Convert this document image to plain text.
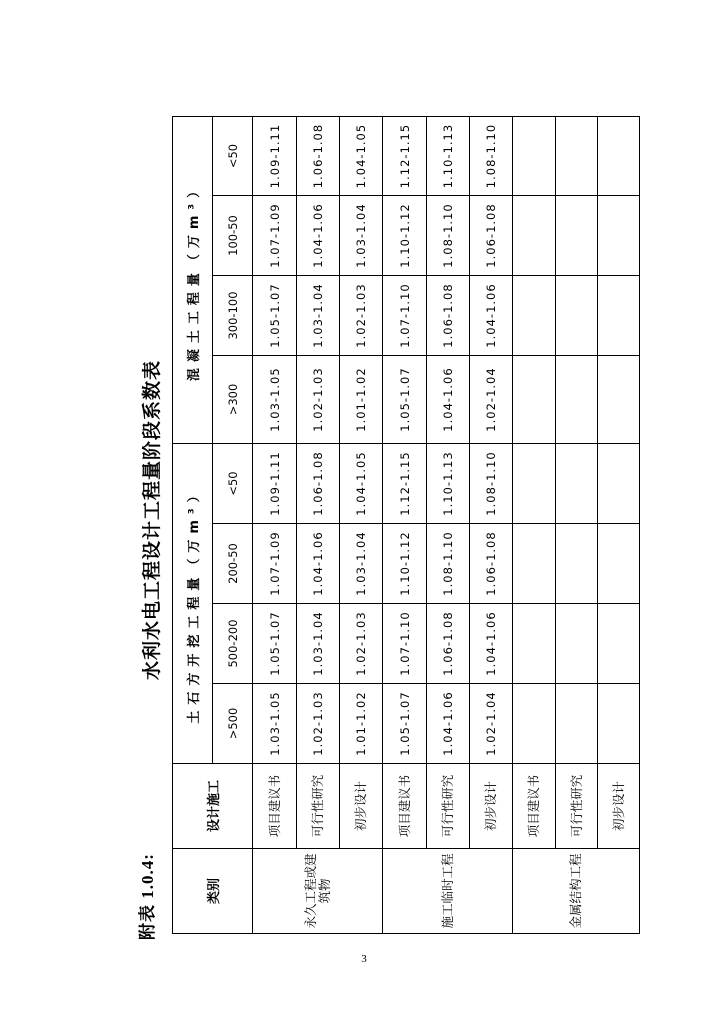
附表 1.0.4:
水利水电工程设计工程量阶段系数表
类别	设计施工	土石方开挖工程量（万m³）				混凝土工程量（万m³）			
		>500	500-200	200-50	<50	>300	300-100	100-50	<50
永久工程或建筑物	项目建议书	1.03-1.05	1.05-1.07	1.07-1.09	1.09-1.11	1.03-1.05	1.05-1.07	1.07-1.09	1.09-1.11
	可行性研究	1.02-1.03	1.03-1.04	1.04-1.06	1.06-1.08	1.02-1.03	1.03-1.04	1.04-1.06	1.06-1.08
	初步设计	1.01-1.02	1.02-1.03	1.03-1.04	1.04-1.05	1.01-1.02	1.02-1.03	1.03-1.04	1.04-1.05
施工临时工程	项目建议书	1.05-1.07	1.07-1.10	1.10-1.12	1.12-1.15	1.05-1.07	1.07-1.10	1.10-1.12	1.12-1.15
	可行性研究	1.04-1.06	1.06-1.08	1.08-1.10	1.10-1.13	1.04-1.06	1.06-1.08	1.08-1.10	1.10-1.13
	初步设计	1.02-1.04	1.04-1.06	1.06-1.08	1.08-1.10	1.02-1.04	1.04-1.06	1.06-1.08	1.08-1.10
金属结构工程	项目建议书								
	可行性研究								
	初步设计								
3
